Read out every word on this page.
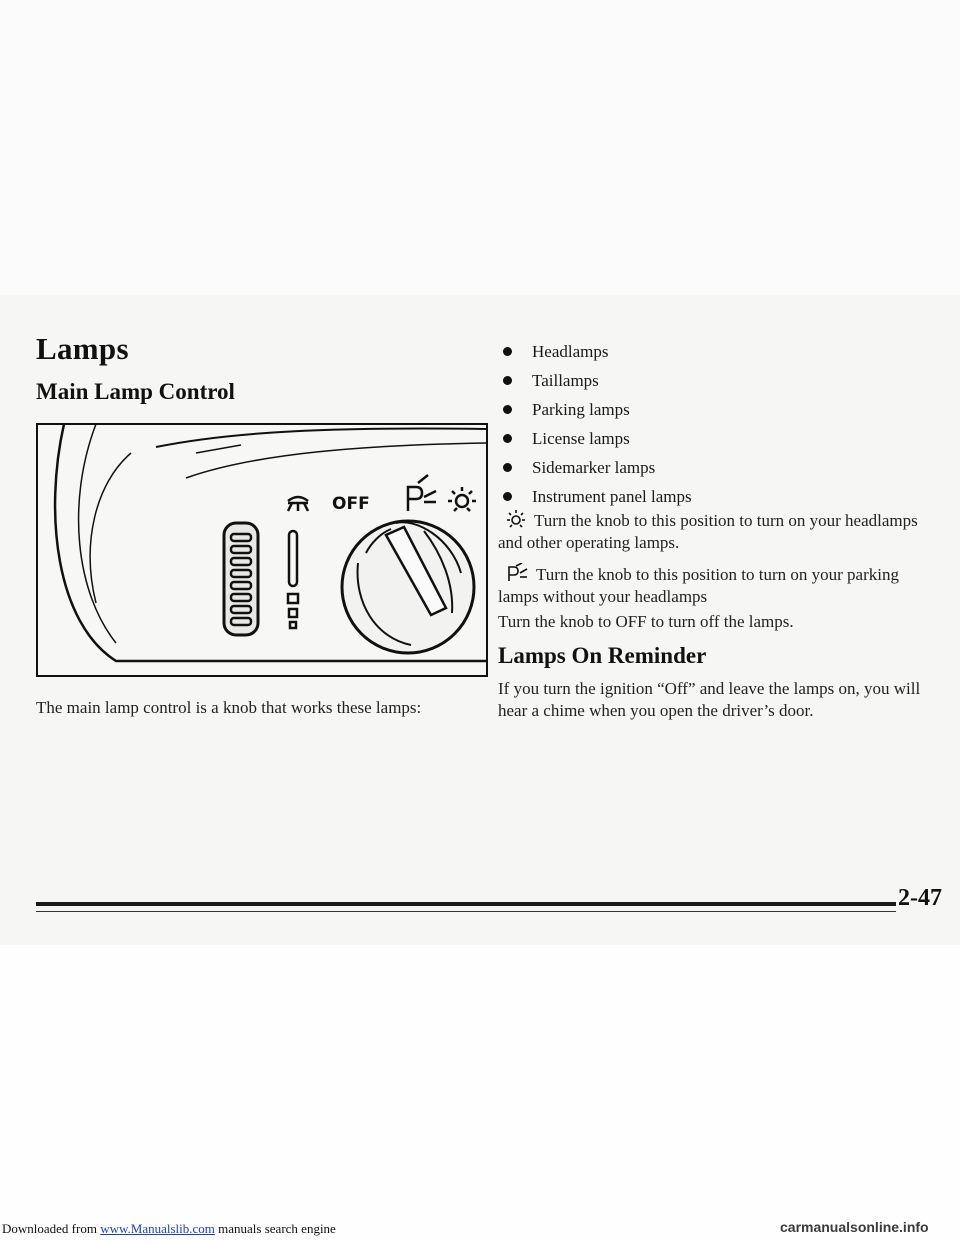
Lamps
Main Lamp Control
OFF

The main lamp control is a knob that works these lamps:

Headlamps
Taillamps
Parking lamps
License lamps
Sidemarker lamps
Instrument panel lamps

Turn the knob to this position to turn on your headlamps and other operating lamps.

Turn the knob to this position to turn on your parking lamps without your headlamps

Turn the knob to OFF to turn off the lamps.

Lamps On Reminder

If you turn the ignition “Off” and leave the lamps on, you will hear a chime when you open the driver’s door.

2-47

Downloaded from www.Manualslib.com manuals search engine	carmanualsonline.info
